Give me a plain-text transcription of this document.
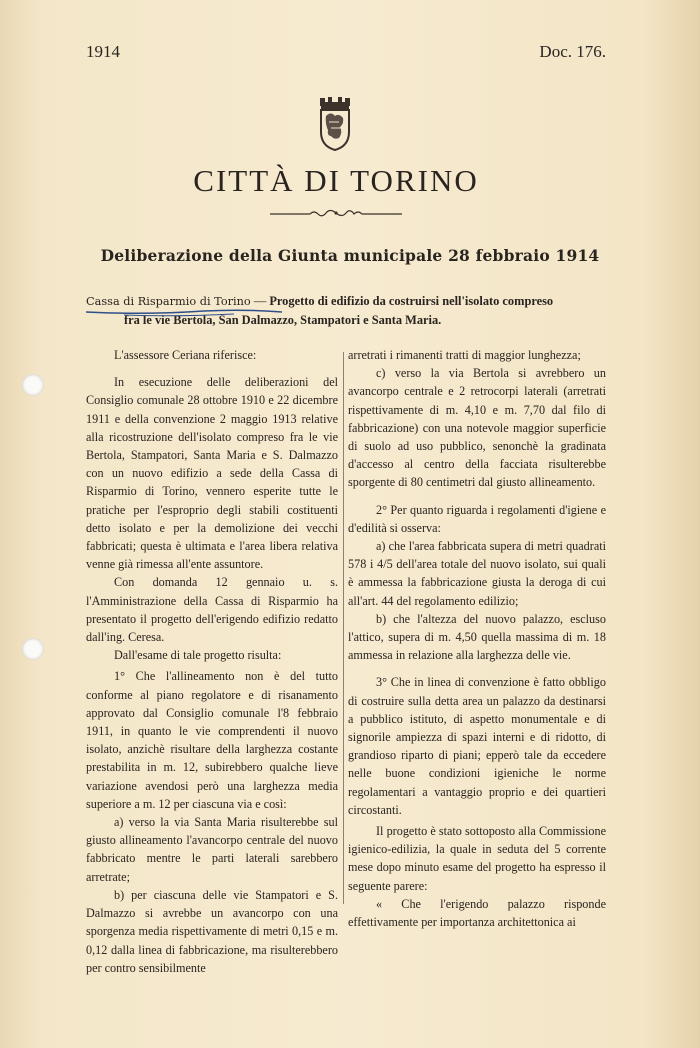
1914	Doc. 176.
CITTÀ DI TORINO
Deliberazione della Giunta municipale 28 febbraio 1914
Cassa di Risparmio di Torino — Progetto di edifizio da costruirsi nell'isolato compreso
fra le vie Bertola, San Dalmazzo, Stampatori e Santa Maria.

L'assessore Ceriana riferisce:

In esecuzione delle deliberazioni del Consiglio comunale 28 ottobre 1910 e 22 dicembre 1911 e della convenzione 2 maggio 1913 relative alla ricostruzione dell'isolato compreso fra le vie Bertola, Stampatori, Santa Maria e S. Dalmazzo con un nuovo edifizio a sede della Cassa di Risparmio di Torino, vennero esperite tutte le pratiche per l'esproprio degli stabili costituenti detto isolato e per la demolizione dei vecchi fabbricati; questa è ultimata e l'area libera relativa venne già rimessa all'ente assuntore.

Con domanda 12 gennaio u. s. l'Amministrazione della Cassa di Risparmio ha presentato il progetto dell'erigendo edifizio redatto dall'ing. Ceresa.

Dall'esame di tale progetto risulta:

1° Che l'allineamento non è del tutto conforme al piano regolatore e di risanamento approvato dal Consiglio comunale l'8 febbraio 1911, in quanto le vie comprendenti il nuovo isolato, anzichè risultare della larghezza costante prestabilita in m. 12, subirebbero qualche lieve variazione avendosi però una larghezza media superiore a m. 12 per ciascuna via e così:

a) verso la via Santa Maria risulterebbe sul giusto allineamento l'avancorpo centrale del nuovo fabbricato mentre le parti laterali sarebbero arretrate;

b) per ciascuna delle vie Stampatori e S. Dalmazzo si avrebbe un avancorpo con una sporgenza media rispettivamente di metri 0,15 e m. 0,12 dalla linea di fabbricazione, ma risulterebbero per contro sensibilmente

arretrati i rimanenti tratti di maggior lunghezza;

c) verso la via Bertola si avrebbero un avancorpo centrale e 2 retrocorpi laterali (arretrati rispettivamente di m. 4,10 e m. 7,70 dal filo di fabbricazione) con una notevole maggior superficie di suolo ad uso pubblico, senonchè la gradinata d'accesso al centro della facciata risulterebbe sporgente di 80 centimetri dal giusto allineamento.

2° Per quanto riguarda i regolamenti d'igiene e d'edilità si osserva:

a) che l'area fabbricata supera di metri quadrati 578 i 4/5 dell'area totale del nuovo isolato, sui quali è ammessa la fabbricazione giusta la deroga di cui all'art. 44 del regolamento edilizio;

b) che l'altezza del nuovo palazzo, escluso l'attico, supera di m. 4,50 quella massima di m. 18 ammessa in relazione alla larghezza delle vie.

3° Che in linea di convenzione è fatto obbligo di costruire sulla detta area un palazzo da destinarsi a pubblico istituto, di aspetto monumentale e di signorile ampiezza di spazi interni e di ridotto, di grandioso riparto di piani; epperò tale da eccedere nelle buone condizioni igieniche le norme regolamentari a vantaggio proprio e dei quartieri circostanti.

Il progetto è stato sottoposto alla Commissione igienico-edilizia, la quale in seduta del 5 corrente mese dopo minuto esame del progetto ha espresso il seguente parere:

« Che l'erigendo palazzo risponde effettivamente per importanza architettonica ai
